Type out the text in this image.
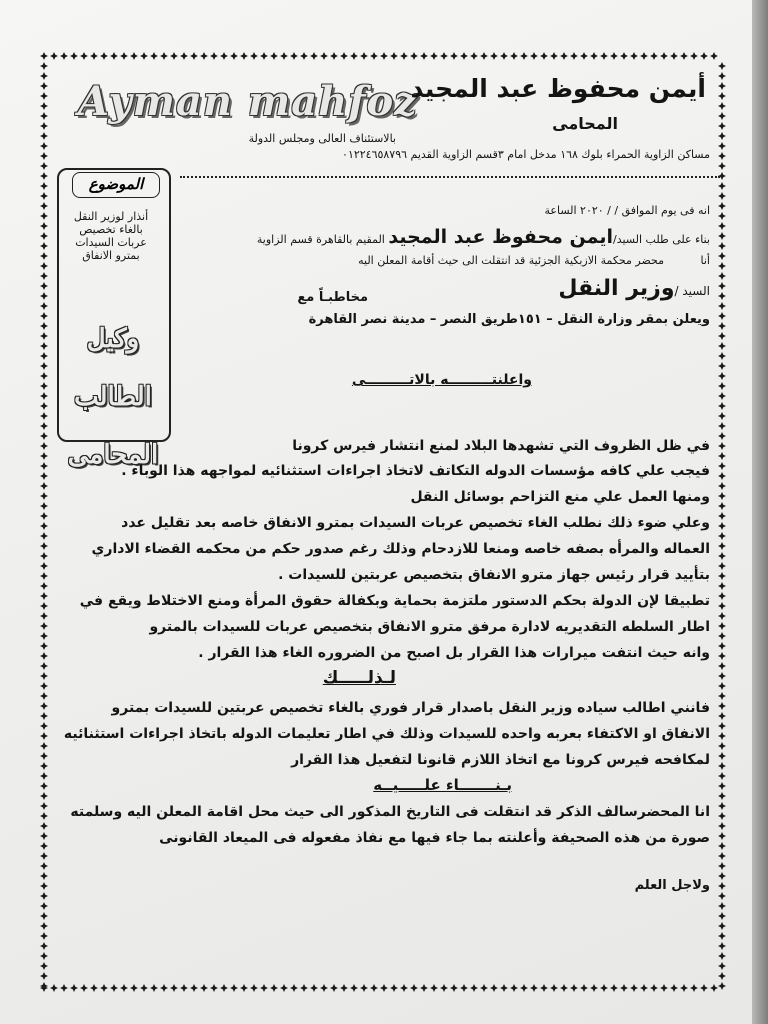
Ayman mahfoz
أيمن محفوظ عبد المجيد
المحامى
بالاستئناف العالى ومجلس الدولة
مساكن الزاوية الحمراء بلوك ١٦٨ مدخل امام ٣قسم الزاوية القديم ٠١٢٢٤٦٥٨٧٩٦
الموضوع
أنذار لوزير النقل بالغاء تخصيص عربات السيدات بمترو الانفاق
وكيل الطالب
المحامى
انه فى يوم الموافق / / ٢٠٢٠ الساعة
بناء على طلب السيد/ايمن محفوظ عبد المجيد المقيم بالقاهرة قسم الزاوية
أنا
محضر محكمة الازبكية الجزئية قد انتقلت الى حيث أقامة المعلن اليه
السيد /وزير النقل
مخاطبـاً مع
ويعلن بمقر وزارة النقل – ١٥١طريق النصر – مدينة نصر القاهرة
واعلنتـــــــــه بالاتـــــــــى
في ظل الظروف التي تشهدها البلاد لمنع انتشار فيرس كرونا
فيجب علي كافه مؤسسات الدوله التكاتف لاتخاذ اجراءات استثنائيه لمواجهه هذا الوباء .
ومنها العمل علي منع التزاحم بوسائل النقل
وعلي ضوء ذلك نطلب الغاء تخصيص عربات السيدات بمترو الانفاق خاصه بعد تقليل عدد
العماله والمرأه بصفه خاصه ومنعا للازدحام وذلك رغم صدور حكم من محكمه القضاء الاداري
بتأييد قرار رئيس جهاز مترو الانفاق بتخصيص عربتين للسيدات .
تطبيقا لإن الدولة بحكم الدستور ملتزمة بحماية وبكفالة حقوق المرأة ومنع الاختلاط ويقع في
اطار السلطه التقديريه لادارة مرفق مترو الانفاق بتخصيص عربات للسيدات بالمترو
وانه حيث انتفت ميرارات هذا القرار بل اصبح من الضروره الغاء هذا القرار .
لـذلـــــك
فانني اطالب سياده وزير النقل باصدار قرار فوري بالغاء تخصيص عربتين للسيدات بمترو
الانفاق او الاكتفاء بعربه واحده للسيدات وذلك في اطار تعليمات الدوله باتخاذ اجراءات استثنائيه
لمكافحه فيرس كرونا مع اتخاذ اللازم قانونا لتفعيل هذا القرار
بـنـــــــاء علـــــيــه
انا المحضرسالف الذكر قد انتقلت فى التاريخ المذكور الى حيث محل اقامة المعلن اليه وسلمته
صورة من هذه الصحيفة وأعلنته بما جاء فيها مع نفاذ مفعوله فى الميعاد القانونى
ولاجل العلم
